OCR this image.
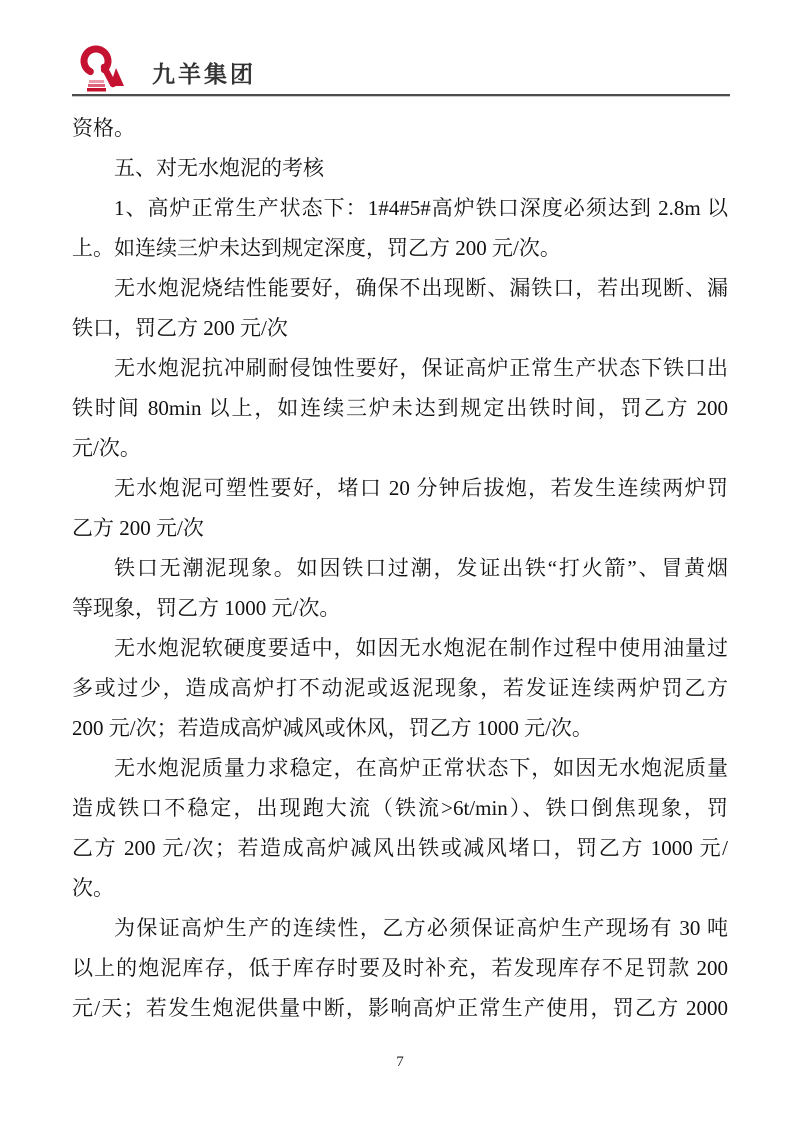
九羊集团
资格。
五、对无水炮泥的考核
1、高炉正常生产状态下：1#4#5#高炉铁口深度必须达到 2.8m 以
上。如连续三炉未达到规定深度，罚乙方 200 元/次。
无水炮泥烧结性能要好，确保不出现断、漏铁口，若出现断、漏
铁口，罚乙方 200 元/次
无水炮泥抗冲刷耐侵蚀性要好，保证高炉正常生产状态下铁口出
铁时间 80min 以上，如连续三炉未达到规定出铁时间，罚乙方 200
元/次。
无水炮泥可塑性要好，堵口 20 分钟后拔炮，若发生连续两炉罚
乙方 200 元/次
铁口无潮泥现象。如因铁口过潮，发证出铁“打火箭”、冒黄烟
等现象，罚乙方 1000 元/次。
无水炮泥软硬度要适中，如因无水炮泥在制作过程中使用油量过
多或过少，造成高炉打不动泥或返泥现象，若发证连续两炉罚乙方
200 元/次；若造成高炉减风或休风，罚乙方 1000 元/次。
无水炮泥质量力求稳定，在高炉正常状态下，如因无水炮泥质量
造成铁口不稳定，出现跑大流（铁流>6t/min）、铁口倒焦现象，罚
乙方 200 元/次；若造成高炉减风出铁或减风堵口，罚乙方 1000 元/
次。
为保证高炉生产的连续性，乙方必须保证高炉生产现场有 30 吨
以上的炮泥库存，低于库存时要及时补充，若发现库存不足罚款 200
元/天；若发生炮泥供量中断，影响高炉正常生产使用，罚乙方 2000
7
